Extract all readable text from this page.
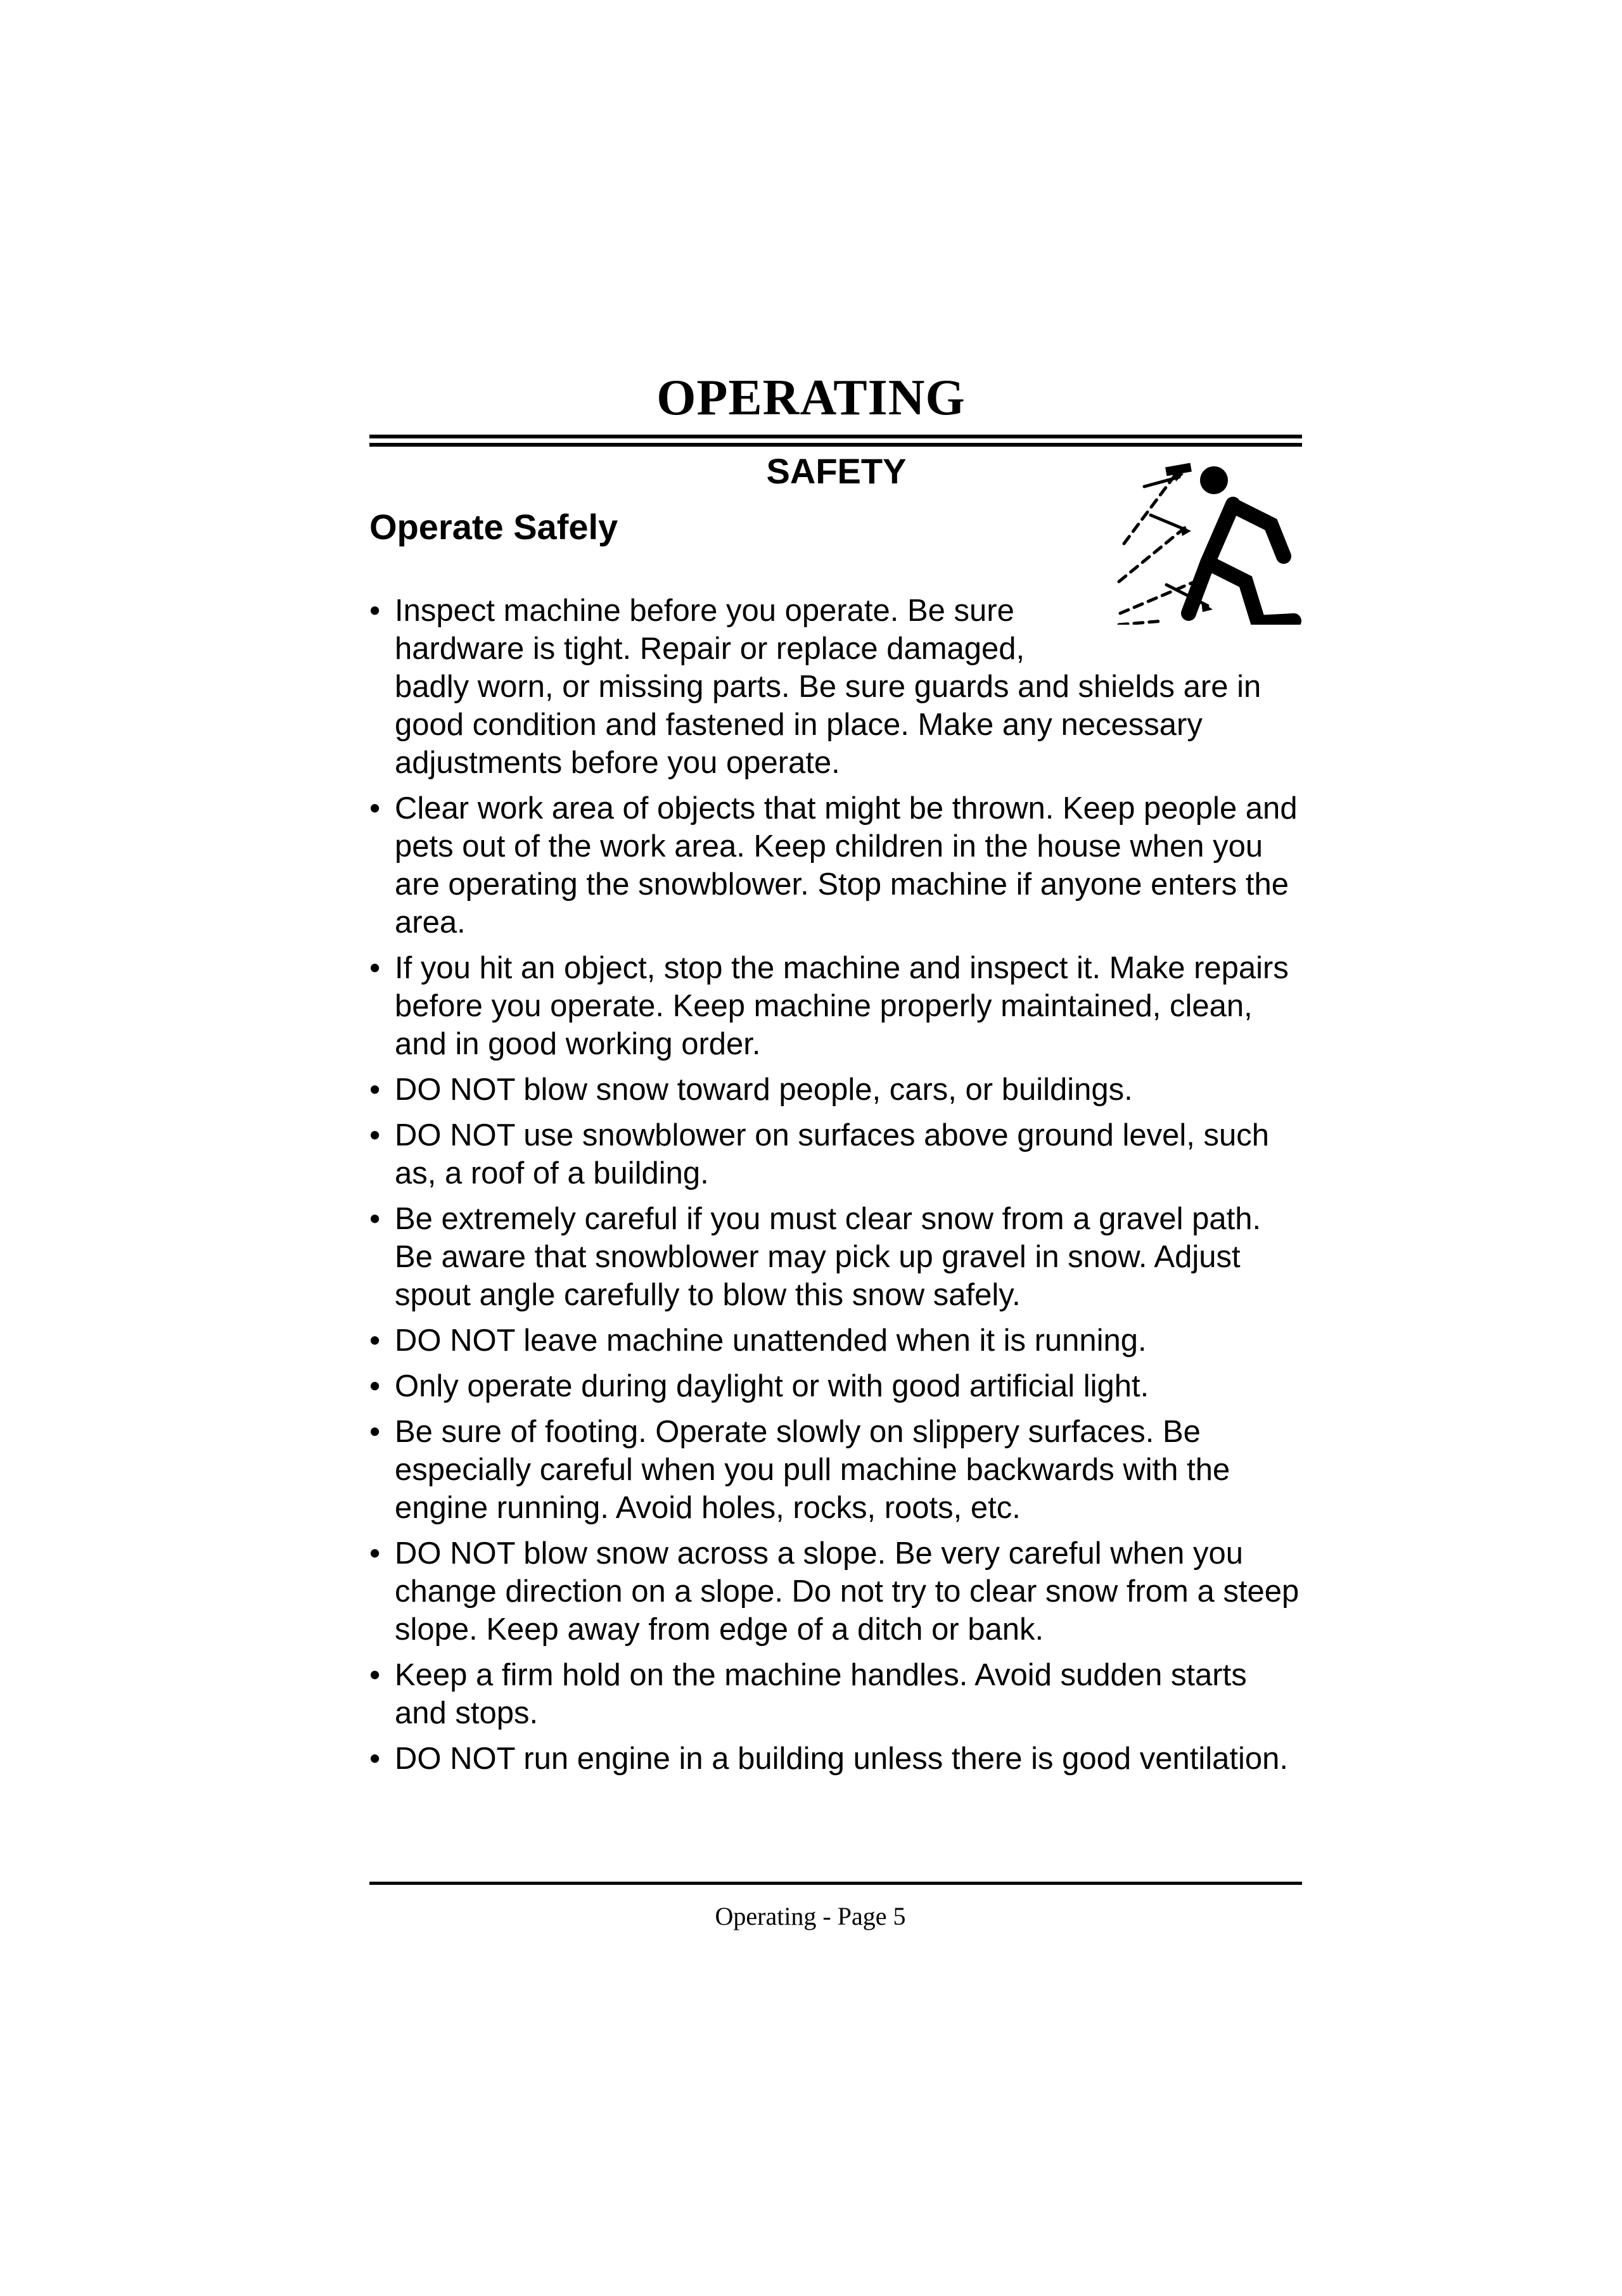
OPERATING
SAFETY
Operate Safely
• Inspect machine before you operate. Be sure hardware is tight. Repair or replace damaged, badly worn, or missing parts. Be sure guards and shields are in good condition and fastened in place. Make any necessary adjustments before you operate.
• Clear work area of objects that might be thrown. Keep people and pets out of the work area. Keep children in the house when you are operating the snowblower. Stop machine if anyone enters the area.
• If you hit an object, stop the machine and inspect it. Make repairs before you operate. Keep machine properly maintained, clean, and in good working order.
• DO NOT blow snow toward people, cars, or buildings.
• DO NOT use snowblower on surfaces above ground level, such as, a roof of a building.
• Be extremely careful if you must clear snow from a gravel path. Be aware that snowblower may pick up gravel in snow. Adjust spout angle carefully to blow this snow safely.
• DO NOT leave machine unattended when it is running.
• Only operate during daylight or with good artificial light.
• Be sure of footing. Operate slowly on slippery surfaces. Be especially careful when you pull machine backwards with the engine running. Avoid holes, rocks, roots, etc.
• DO NOT blow snow across a slope. Be very careful when you change direction on a slope. Do not try to clear snow from a steep slope. Keep away from edge of a ditch or bank.
• Keep a firm hold on the machine handles. Avoid sudden starts and stops.
• DO NOT run engine in a building unless there is good ventilation.
Operating - Page 5
